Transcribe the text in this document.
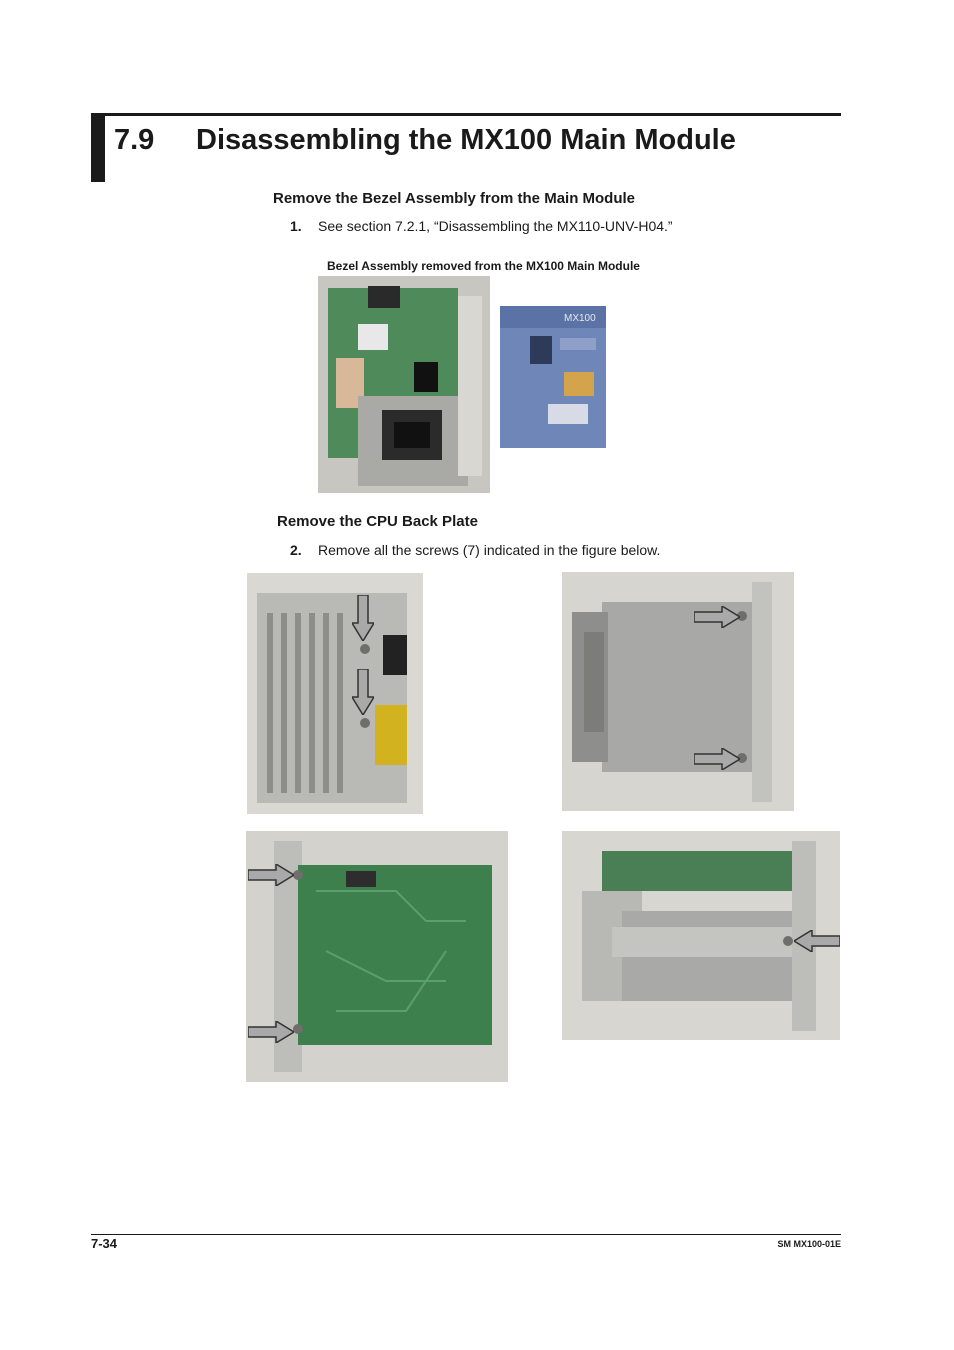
7.9 Disassembling the MX100 Main Module
Remove the Bezel Assembly from the Main Module
1. See section 7.2.1, “Disassembling the MX110-UNV-H04.”
Bezel Assembly removed from the MX100 Main Module
MX100
Remove the CPU Back Plate
2. Remove all the screws (7) indicated in the figure below.
7-34	SM MX100-01E
